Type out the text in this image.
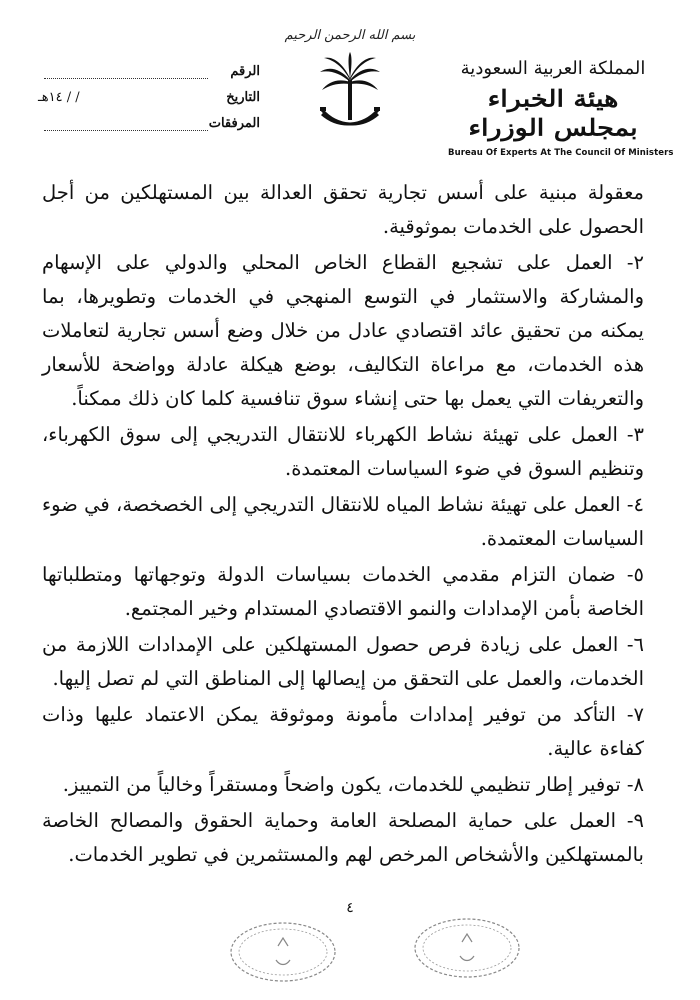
بسم الله الرحمن الرحيم
المملكة العربية السعودية
هيئة الخبراء بمجلس الوزراء
Bureau Of Experts At The Council Of Ministers
الرقم
التاريخ
/ / ١٤هـ
المرفقات

معقولة مبنية على أسس تجارية تحقق العدالة بين المستهلكين من أجل الحصول على الخدمات بموثوقية.

٢- العمل على تشجيع القطاع الخاص المحلي والدولي على الإسهام والمشاركة والاستثمار في التوسع المنهجي في الخدمات وتطويرها، بما يمكنه من تحقيق عائد اقتصادي عادل من خلال وضع أسس تجارية لتعاملات هذه الخدمات، مع مراعاة التكاليف، بوضع هيكلة عادلة وواضحة للأسعار والتعريفات التي يعمل بها حتى إنشاء سوق تنافسية كلما كان ذلك ممكناً.

٣- العمل على تهيئة نشاط الكهرباء للانتقال التدريجي إلى سوق الكهرباء، وتنظيم السوق في ضوء السياسات المعتمدة.

٤- العمل على تهيئة نشاط المياه للانتقال التدريجي إلى الخصخصة، في ضوء السياسات المعتمدة.

٥- ضمان التزام مقدمي الخدمات بسياسات الدولة وتوجهاتها ومتطلباتها الخاصة بأمن الإمدادات والنمو الاقتصادي المستدام وخير المجتمع.

٦- العمل على زيادة فرص حصول المستهلكين على الإمدادات اللازمة من الخدمات، والعمل على التحقق من إيصالها إلى المناطق التي لم تصل إليها.

٧- التأكد من توفير إمدادات مأمونة وموثوقة يمكن الاعتماد عليها وذات كفاءة عالية.

٨- توفير إطار تنظيمي للخدمات، يكون واضحاً ومستقراً وخالياً من التمييز.

٩- العمل على حماية المصلحة العامة وحماية الحقوق والمصالح الخاصة بالمستهلكين والأشخاص المرخص لهم والمستثمرين في تطوير الخدمات.

٤
